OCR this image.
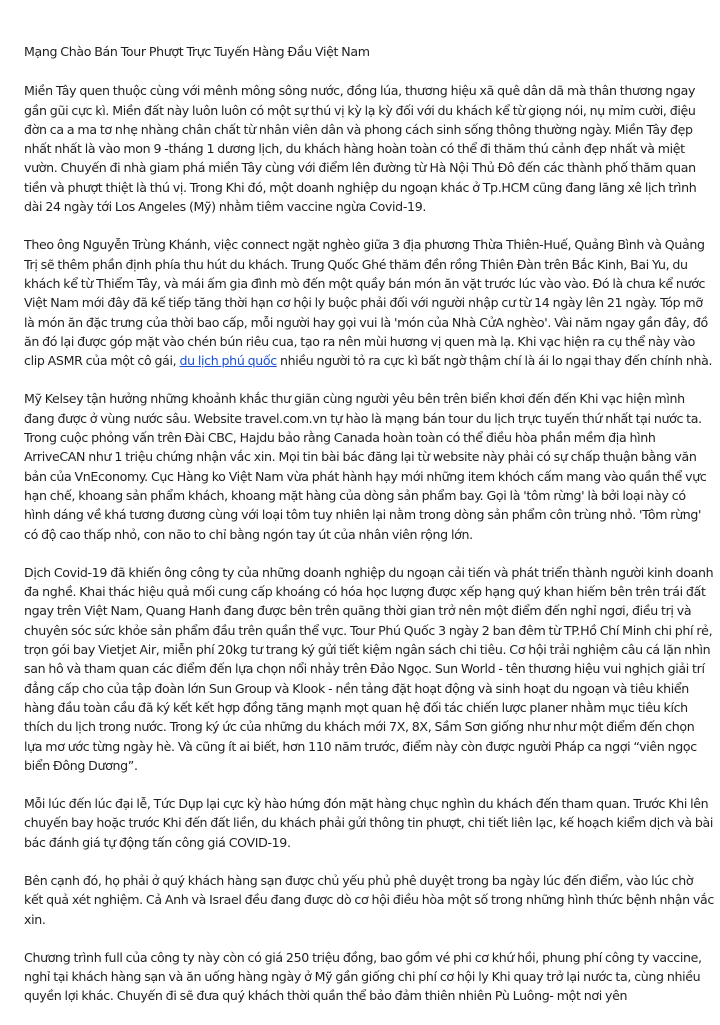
Mạng Chào Bán Tour Phượt Trực Tuyến Hàng Đầu Việt Nam

Miền Tây quen thuộc cùng với mênh mông sông nước, đồng lúa, thương hiệu xã quê dân dã mà thân thương ngay gần gũi cực kì. Miền đất này luôn luôn có một sự thú vị kỳ lạ kỳ đối với du khách kể từ giọng nói, nụ mỉm cười, điệu đờn ca a ma tơ nhẹ nhàng chân chất từ nhân viên dân và phong cách sinh sống thông thường ngày. Miền Tây đẹp nhất nhất là vào mon 9 -tháng 1 dương lịch, du khách hàng hoàn toàn có thể đi thăm thú cảnh đẹp nhất và miệt vườn. Chuyến đi nhà giam phá miền Tây cùng với điểm lên đường từ Hà Nội Thủ Đô đến các thành phố thăm quan tiền và phượt thiệt là thú vị. Trong Khi đó, một doanh nghiệp du ngoạn khác ở Tp.HCM cũng đang lăng xê lịch trình dài 24 ngày tới Los Angeles (Mỹ) nhằm tiêm vaccine ngừa Covid-19.

Theo ông Nguyễn Trùng Khánh, việc connect ngặt nghèo giữa 3 địa phương Thừa Thiên-Huế, Quảng Bình và Quảng Trị sẽ thêm phần định phía thu hút du khách. Trung Quốc Ghé thăm đền rồng Thiên Đàn trên Bắc Kinh, Bai Yu, du khách kể từ Thiểm Tây, và mái ấm gia đình mò đến một quầy bán món ăn vặt trước lúc vào vào. Đó là chưa kể nước Việt Nam mới đây đã kế tiếp tăng thời hạn cơ hội ly buộc phải đối với người nhập cư từ 14 ngày lên 21 ngày. Tóp mỡ là món ăn đặc trưng của thời bao cấp, mỗi người hay gọi vui là 'món của Nhà CửA nghèo'. Vài năm ngay gần đây, đồ ăn đó lại được góp mặt vào chén bún riêu cua, tạo ra nên mùi hương vị quen mà lạ. Khi vạc hiện ra cụ thể này vào clip ASMR của một cô gái, du lịch phú quốc nhiều người tỏ ra cực kì bất ngờ thậm chí là ái lo ngại thay đến chính nhà.

Mỹ Kelsey tận hưởng những khoảnh khắc thư giãn cùng người yêu bên trên biển khơi đến đến Khi vạc hiện mình đang được ở vùng nước sâu. Website travel.com.vn tự hào là mạng bán tour du lịch trực tuyến thứ nhất tại nước ta. Trong cuộc phỏng vấn trên Đài CBC, Hajdu bảo rằng Canada hoàn toàn có thể điều hòa phần mềm địa hình ArriveCAN như 1 triệu chứng nhận vắc xin. Mọi tin bài bác đăng lại từ website này phải có sự chấp thuận bằng văn bản của VnEconomy. Cục Hàng ko Việt Nam vừa phát hành hạy mới những item khóch cấm mang vào quần thể vực hạn chế, khoang sản phẩm khách, khoang mặt hàng của dòng sản phẩm bay. Gọi là 'tôm rừng' là bởi loại này có hình dáng về khá tương đương cùng với loại tôm tuy nhiên lại nằm trong dòng sản phẩm côn trùng nhỏ. 'Tôm rừng' có độ cao thấp nhỏ, con não to chỉ bằng ngón tay út của nhân viên rộng lớn.

Dịch Covid-19 đã khiến ông công ty của những doanh nghiệp du ngoạn cải tiến và phát triển thành người kinh doanh đa nghề. Khai thác hiệu quả mối cung cấp khoáng có hóa học lượng được xếp hạng quý khan hiếm bên trên trái đất ngay trên Việt Nam, Quang Hanh đang được bên trên quãng thời gian trở nên một điểm đến nghỉ ngơi, điều trị và chuyên sóc sức khỏe sản phẩm đầu trên quần thể vực. Tour Phú Quốc 3 ngày 2 ban đêm từ TP.Hồ Chí Minh chi phí rẻ, trọn gói bay Vietjet Air, miễn phí 20kg tư trang ký gửi tiết kiệm ngân sách chi tiêu. Cơ hội trải nghiệm câu cá lặn nhìn san hô và tham quan các điểm đến lựa chọn nổi nhảy trên Đảo Ngọc. Sun World - tên thương hiệu vui nghịch giải trí đẳng cấp cho của tập đoàn lớn Sun Group và Klook - nền tảng đặt hoạt động và sinh hoạt du ngoạn và tiêu khiển hàng đầu toàn cầu đã ký kết kết hợp đồng tăng mạnh mọt quan hệ đối tác chiến lược planer nhằm mục tiêu kích thích du lịch trong nước. Trong ký ức của những du khách mới 7X, 8X, Sầm Sơn giống như như một điểm đến chọn lựa mơ ước từng ngày hè. Và cũng ít ai biết, hơn 110 năm trước, điểm này còn được người Pháp ca ngợi “viên ngọc biển Đông Dương”.

Mỗi lúc đến lúc đại lễ, Tức Dụp lại cực kỳ hào hứng đón mặt hàng chục nghìn du khách đến tham quan. Trước Khi lên chuyến bay hoặc trước Khi đến đất liền, du khách phải gửi thông tin phượt, chi tiết liên lạc, kế hoạch kiểm dịch và bài bác đánh giá tự động tấn công giá COVID-19.

Bên cạnh đó, họ phải ở quý khách hàng sạn được chủ yếu phủ phê duyệt trong ba ngày lúc đến điểm, vào lúc chờ kết quả xét nghiệm. Cả Anh và Israel đều đang được dò cơ hội điều hòa một số trong những hình thức bệnh nhận vắc xin.

Chương trình full của công ty này còn có giá 250 triệu đồng, bao gồm vé phi cơ khứ hồi, phung phí công ty vaccine, nghỉ tại khách hàng sạn và ăn uống hàng ngày ở Mỹ gần giống chi phí cơ hội ly Khi quay trở lại nước ta, cùng nhiều quyền lợi khác. Chuyến đi sẽ đưa quý khách thời quần thể bảo đảm thiên nhiên Pù Luông- một nơi yên
